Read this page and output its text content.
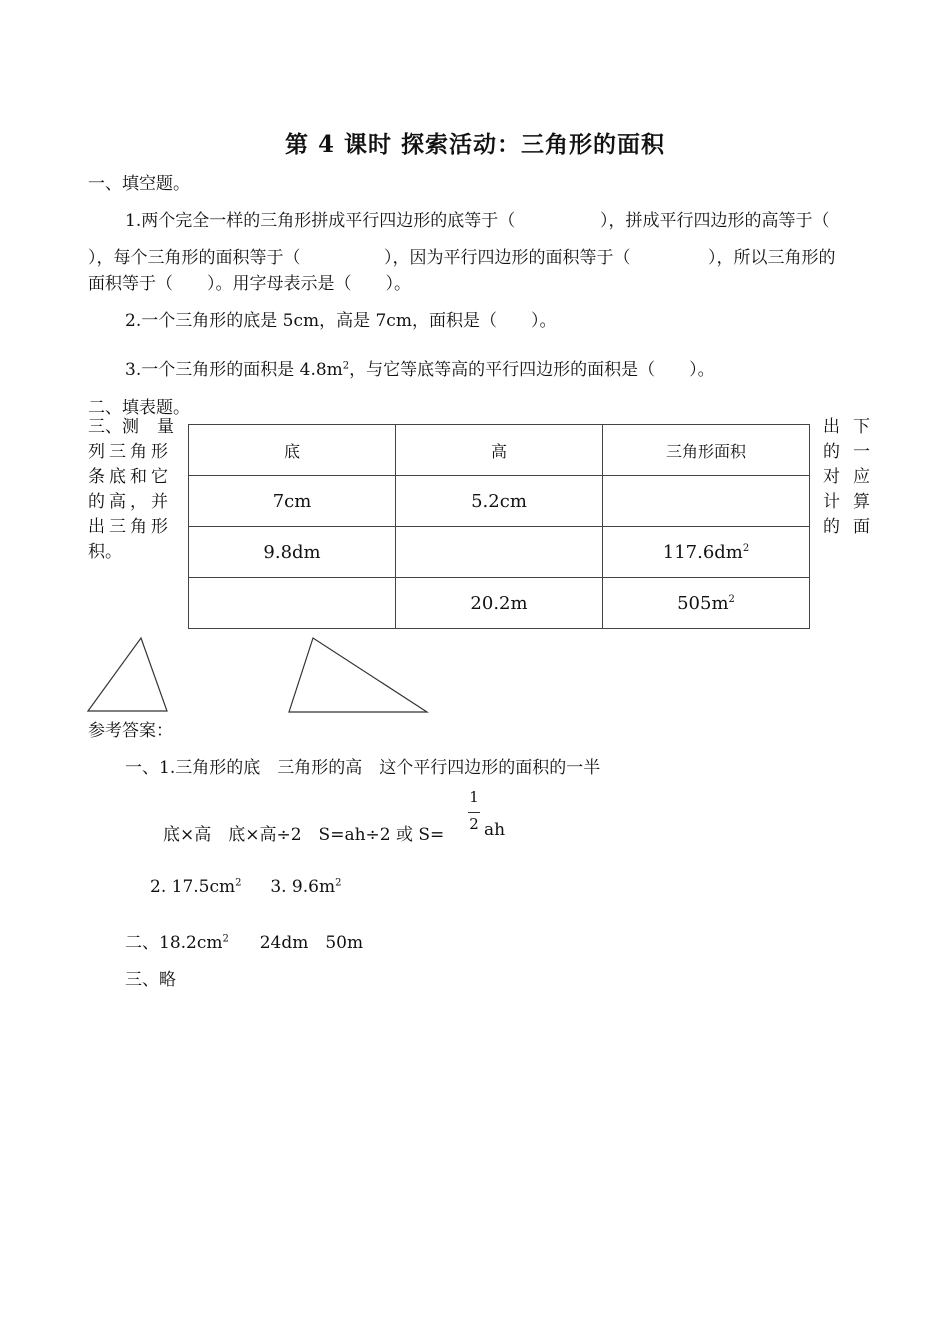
第 4 课时 探索活动：三角形的面积
一、填空题。
1.两个完全一样的三角形拼成平行四边形的底等于（	），拼成平行四边形的高等于（
），每个三角形的面积等于（	），因为平行四边形的面积等于（	），所以三角形的
面积等于（　　）。用字母表示是（　　）。
2.一个三角形的底是 5cm，高是 7cm，面积是（　　）。
3.一个三角形的面积是 $4.8m^2$，与它等底等高的平行四边形的面积是（　　）。
二、填表题。
三、测 量
列三角形
条底和它
的高，并
出三角形
积。
出 下
的 一
对 应
计 算
的 面
底	高	三角形面积
7cm	5.2cm	
9.8dm		$117.6dm^2$
	20.2m	$505m^2$
参考答案：
一、1.三角形的底　三角形的高　这个平行四边形的面积的一半
底×高　底×高÷2　S=ah÷2 或 S=
1
2 ah
2. $17.5cm^2$ 3. $9.6m^2$
二、$18.2cm^2$ 24dm　50m
三、略
